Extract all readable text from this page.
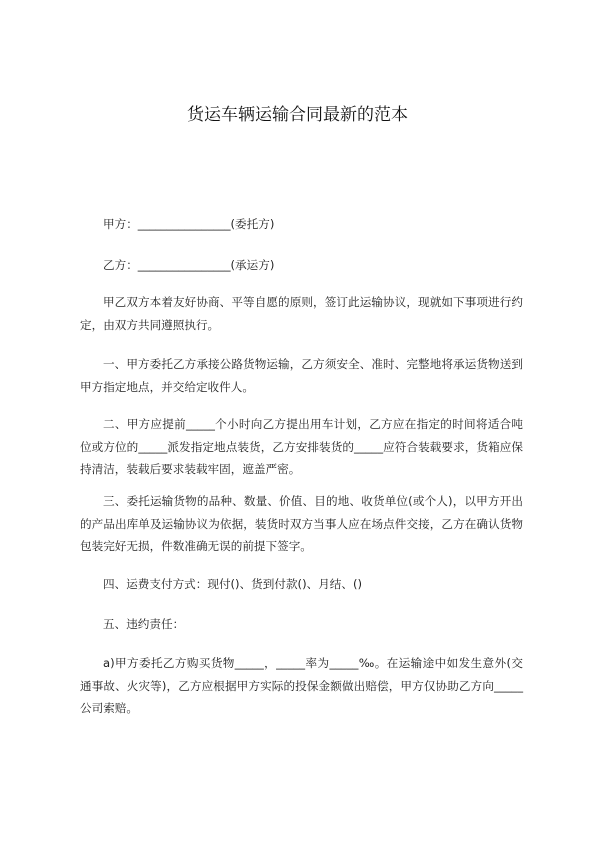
货运车辆运输合同最新的范本
甲方：________________(委托方)
乙方：________________(承运方)

甲乙双方本着友好协商、平等自愿的原则，签订此运输协议，现就如下事项进行约定，由双方共同遵照执行。

一、甲方委托乙方承接公路货物运输，乙方须安全、准时、完整地将承运货物送到甲方指定地点，并交给定收件人。

二、甲方应提前_____个小时向乙方提出用车计划，乙方应在指定的时间将适合吨位或方位的_____派发指定地点装货，乙方安排装货的_____应符合装载要求，货箱应保持清洁，装载后要求装载牢固，遮盖严密。

三、委托运输货物的品种、数量、价值、目的地、收货单位(或个人)，以甲方开出的产品出库单及运输协议为依据，装货时双方当事人应在场点件交接，乙方在确认货物包装完好无损，件数准确无误的前提下签字。

四、运费支付方式：现付()、货到付款()、月结、()

五、违约责任：

a)甲方委托乙方购买货物_____，_____率为_____‰。在运输途中如发生意外(交通事故、火灾等)，乙方应根据甲方实际的投保金额做出赔偿，甲方仅协助乙方向_____公司索赔。
